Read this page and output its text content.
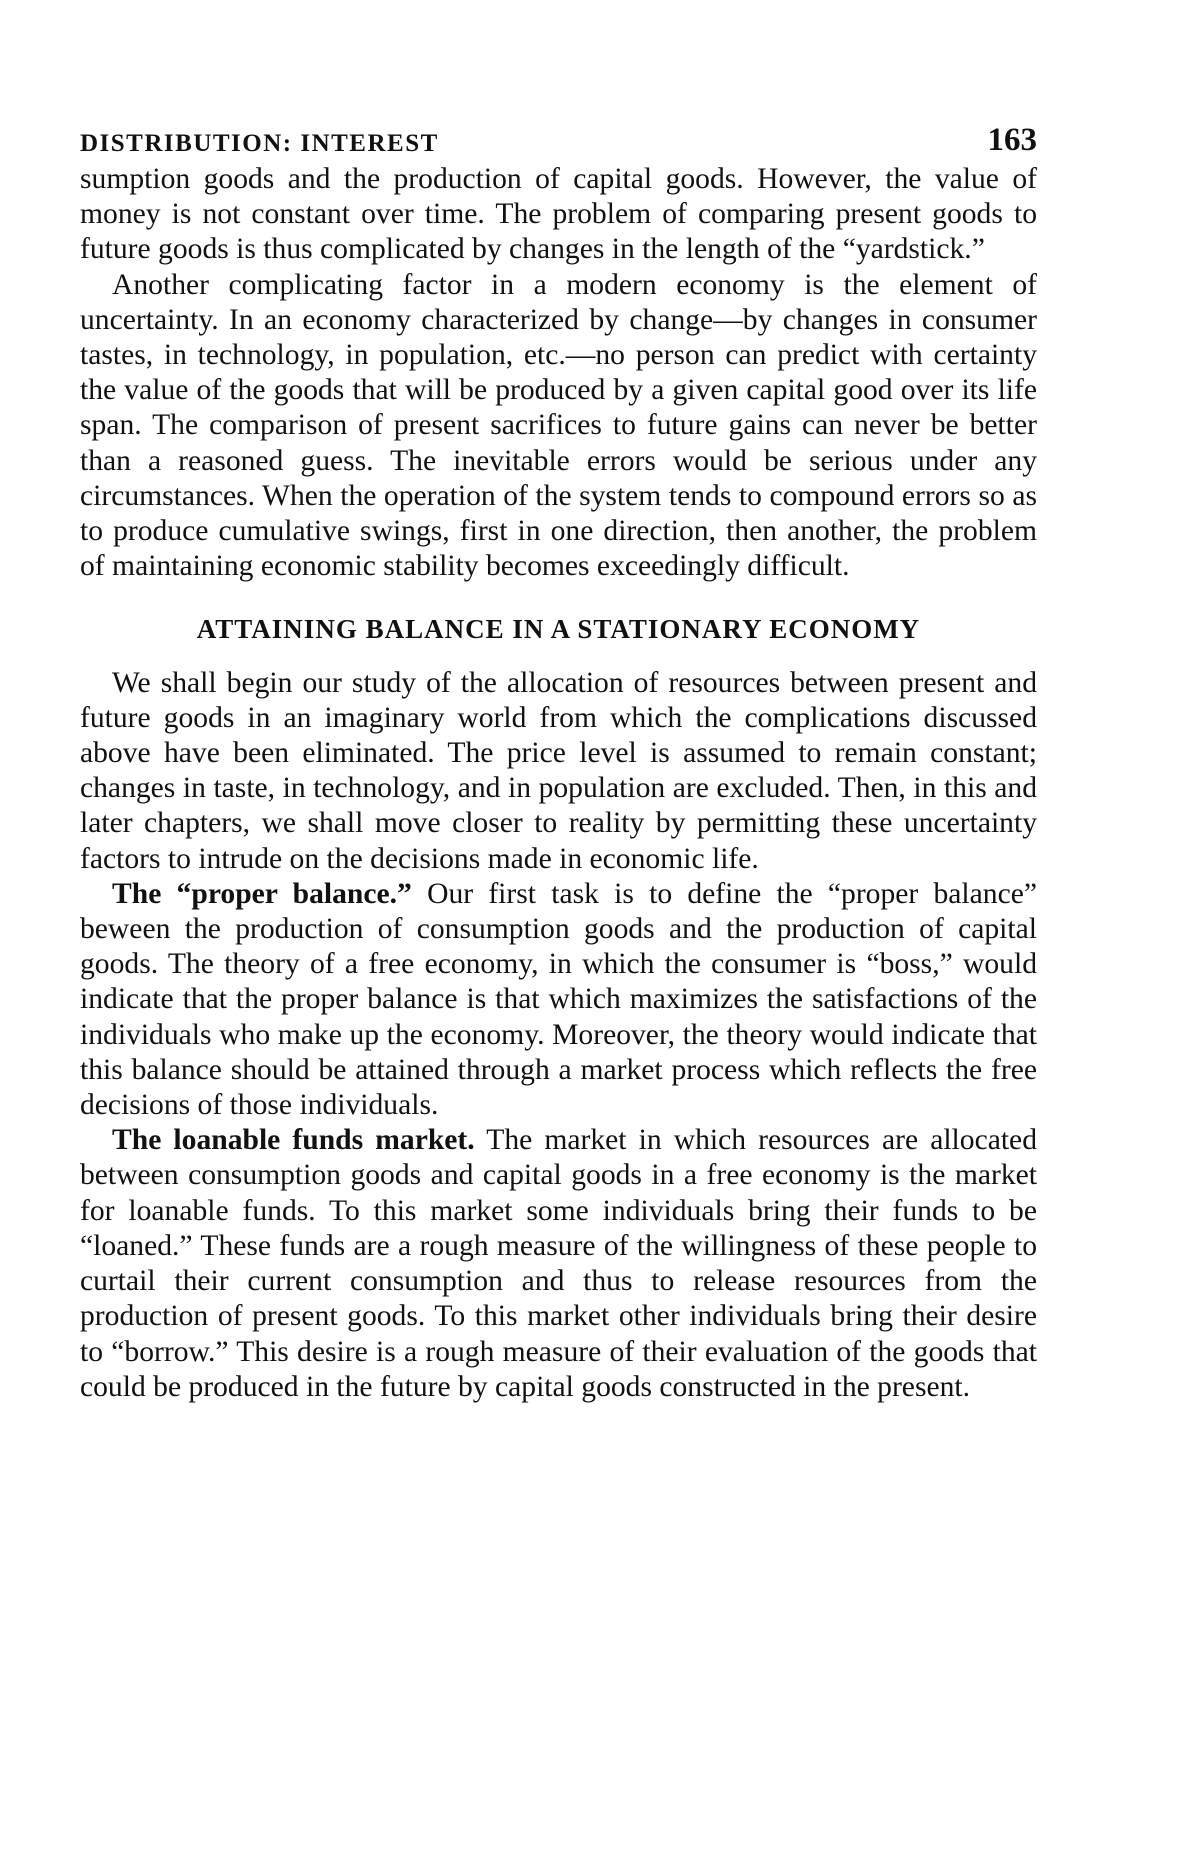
DISTRIBUTION: INTEREST	163

sumption goods and the production of capital goods. However, the value of money is not constant over time. The problem of comparing present goods to future goods is thus complicated by changes in the length of the “yardstick.”

Another complicating factor in a modern economy is the element of uncertainty. In an economy characterized by change—by changes in consumer tastes, in technology, in population, etc.—no person can predict with certainty the value of the goods that will be produced by a given capital good over its life span. The comparison of present sacrifices to future gains can never be better than a reasoned guess. The inevitable errors would be serious under any circumstances. When the operation of the system tends to compound errors so as to produce cumulative swings, first in one direction, then another, the problem of maintaining economic stability becomes exceedingly difficult.

ATTAINING BALANCE IN A STATIONARY ECONOMY

We shall begin our study of the allocation of resources between present and future goods in an imaginary world from which the complications discussed above have been eliminated. The price level is assumed to remain constant; changes in taste, in technology, and in population are excluded. Then, in this and later chapters, we shall move closer to reality by permitting these uncertainty factors to intrude on the decisions made in economic life.

The “proper balance.” Our first task is to define the “proper balance” beween the production of consumption goods and the production of capital goods. The theory of a free economy, in which the consumer is “boss,” would indicate that the proper balance is that which maximizes the satisfactions of the individuals who make up the economy. Moreover, the theory would indicate that this balance should be attained through a market process which reflects the free decisions of those individuals.

The loanable funds market. The market in which resources are allocated between consumption goods and capital goods in a free economy is the market for loanable funds. To this market some individuals bring their funds to be “loaned.” These funds are a rough measure of the willingness of these people to curtail their current consumption and thus to release resources from the production of present goods. To this market other individuals bring their desire to “borrow.” This desire is a rough measure of their evaluation of the goods that could be produced in the future by capital goods constructed in the present.
